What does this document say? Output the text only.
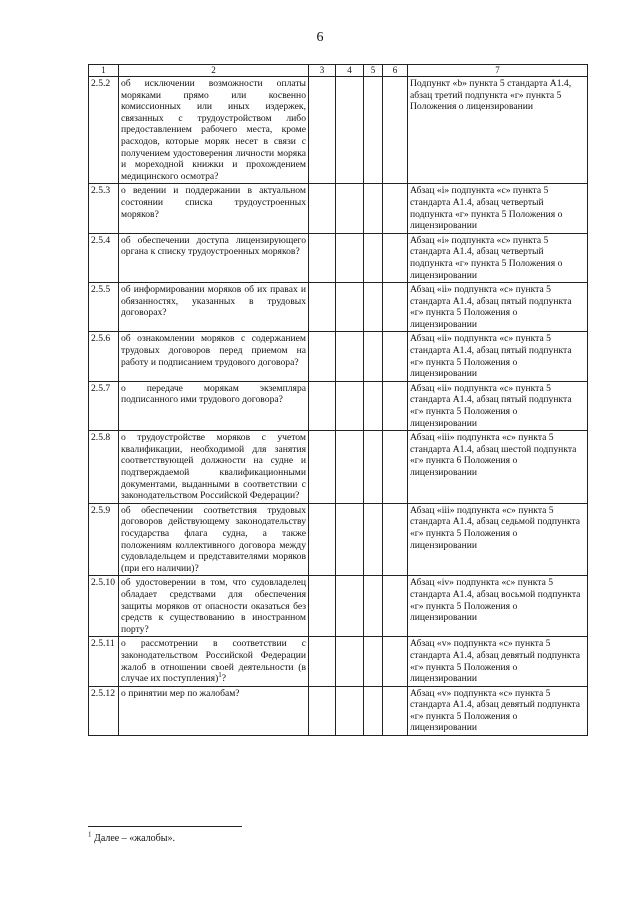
6
1	2	3	4	5	6	7
2.5.2	об исключении возможности оплаты моряками прямо или косвенно комиссионных или иных издержек, связанных с трудоустройством либо предоставлением рабочего места, кроме расходов, которые моряк несет в связи с получением удостоверения личности моряка и мореходной книжки и прохождением медицинского осмотра?					Подпункт «b» пункта 5 стандарта А1.4, абзац третий подпункта «г» пункта 5 Положения о лицензировании
2.5.3	о ведении и поддержании в актуальном состоянии списка трудоустроенных моряков?					Абзац «i» подпункта «c» пункта 5 стандарта А1.4, абзац четвертый подпункта «г» пункта 5 Положения о лицензировании
2.5.4	об обеспечении доступа лицензирующего органа к списку трудоустроенных моряков?					Абзац «i» подпункта «c» пункта 5 стандарта А1.4, абзац четвертый подпункта «г» пункта 5 Положения о лицензировании
2.5.5	об информировании моряков об их правах и обязанностях, указанных в трудовых договорах?					Абзац «ii» подпункта «c» пункта 5 стандарта А1.4, абзац пятый подпункта «г» пункта 5 Положения о лицензировании
2.5.6	об ознакомлении моряков с содержанием трудовых договоров перед приемом на работу и подписанием трудового договора?					Абзац «ii» подпункта «c» пункта 5 стандарта А1.4, абзац пятый подпункта «г» пункта 5 Положения о лицензировании
2.5.7	о передаче морякам экземпляра подписанного ими трудового договора?					Абзац «ii» подпункта «c» пункта 5 стандарта А1.4, абзац пятый подпункта «г» пункта 5 Положения о лицензировании
2.5.8	о трудоустройстве моряков с учетом квалификации, необходимой для занятия соответствующей должности на судне и подтверждаемой квалификационными документами, выданными в соответствии с законодательством Российской Федерации?					Абзац «iii» подпункта «c» пункта 5 стандарта А1.4, абзац шестой подпункта «г» пункта 6 Положения о лицензировании
2.5.9	об обеспечении соответствия трудовых договоров действующему законодательству государства флага судна, а также положениям коллективного договора между судовладельцем и представителями моряков (при его наличии)?					Абзац «iii» подпункта «c» пункта 5 стандарта А1.4, абзац седьмой подпункта «г» пункта 5 Положения о лицензировании
2.5.10	об удостоверении в том, что судовладелец обладает средствами для обеспечения защиты моряков от опасности оказаться без средств к существованию в иностранном порту?					Абзац «iv» подпункта «c» пункта 5 стандарта А1.4, абзац восьмой подпункта «г» пункта 5 Положения о лицензировании
2.5.11	о рассмотрении в соответствии с законодательством Российской Федерации жалоб в отношении своей деятельности (в случае их поступления)$^1$?					Абзац «v» подпункта «c» пункта 5 стандарта А1.4, абзац девятый подпункта «г» пункта 5 Положения о лицензировании
2.5.12	о принятии мер по жалобам?					Абзац «v» подпункта «c» пункта 5 стандарта А1.4, абзац девятый подпункта «г» пункта 5 Положения о лицензировании
$^1$ Далее – «жалобы».
